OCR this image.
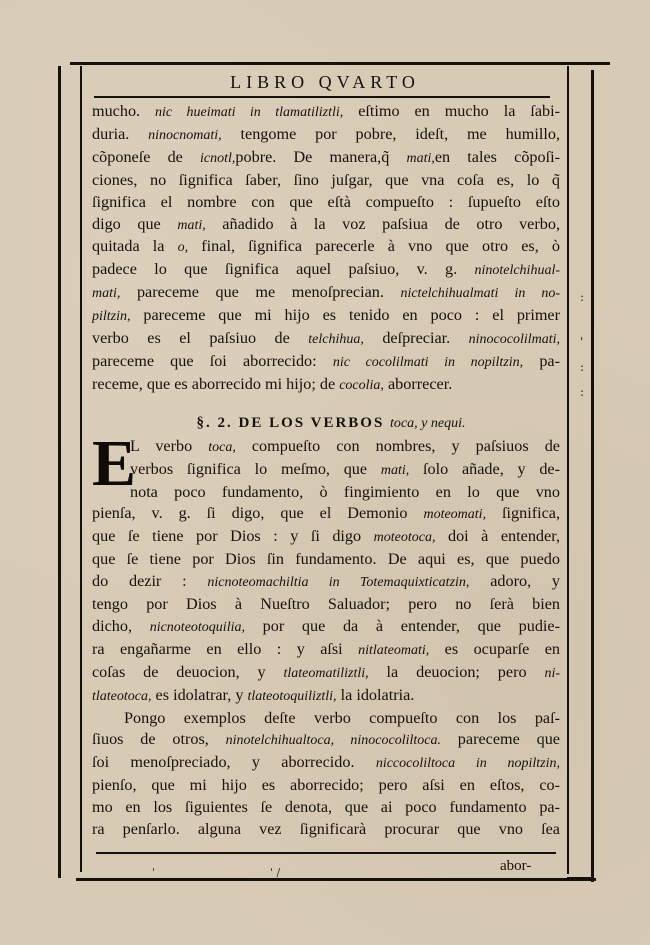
LIBRO QVARTO
mucho. nic hueimati in tlamatiliztli, eſtimo en mucho la ſabi-
duria. ninocnomati, tengome por pobre, ideſt, me humillo,
cõponeſe de icnotl,pobre. De manera,q̃ mati,en tales cõpoſi-
ciones, no ſignifica ſaber, ſino juſgar, que vna coſa es, lo q̃
ſignifica el nombre con que eſtà compueſto : ſupueſto eſto
digo que mati, añadido à la voz paſsiua de otro verbo,
quitada la o, final, ſignifica parecerle à vno que otro es, ò
padece lo que ſignifica aquel paſsiuo, v. g. ninotelchihual-
mati, pareceme que me menoſprecian. nictelchihualmati in no-
piltzin, pareceme que mi hijo es tenido en poco : el primer
verbo es el paſsiuo de telchihua, deſpreciar. ninococolilmati,
pareceme que ſoi aborrecido: nic cocolilmati in nopiltzin, pa-
receme, que es aborrecido mi hijo; de cocolia, aborrecer.
§. 2. DE LOS VERBOS toca, y nequi.
E
L verbo toca, compueſto con nombres, y paſsiuos de
verbos ſignifica lo meſmo, que mati, ſolo añade, y de-
nota poco fundamento, ò fingimiento en lo que vno
pienſa, v. g. ſi digo, que el Demonio moteomati, ſignifica,
que ſe tiene por Dios : y ſi digo moteotoca, doi à entender,
que ſe tiene por Dios ſin fundamento. De aqui es, que puedo
do dezir : nicnoteomachiltia in Totemaquixticatzin, adoro, y
tengo por Dios à Nueſtro Saluador; pero no ſerà bien
dicho, nicnoteotoquilia, por que da à entender, que pudie-
ra engañarme en ello : y aſsi nitlateomati, es ocuparſe en
coſas de deuocion, y tlateomatiliztli, la deuocion; pero ni-
tlateotoca, es idolatrar, y tlateotoquiliztli, la idolatria.
Pongo exemplos deſte verbo compueſto con los paſ-
ſiuos de otros, ninotelchihualtoca, ninococoliltoca. pareceme que
ſoi menoſpreciado, y aborrecido. niccocoliltoca in nopiltzin,
pienſo, que mi hijo es aborrecido; pero aſsi en eſtos, co-
mo en los ſiguientes ſe denota, que ai poco fundamento pa-
ra penſarlo. alguna vez ſignificarà procurar que vno ſea
abor-
:
'
:
:
' /
'
